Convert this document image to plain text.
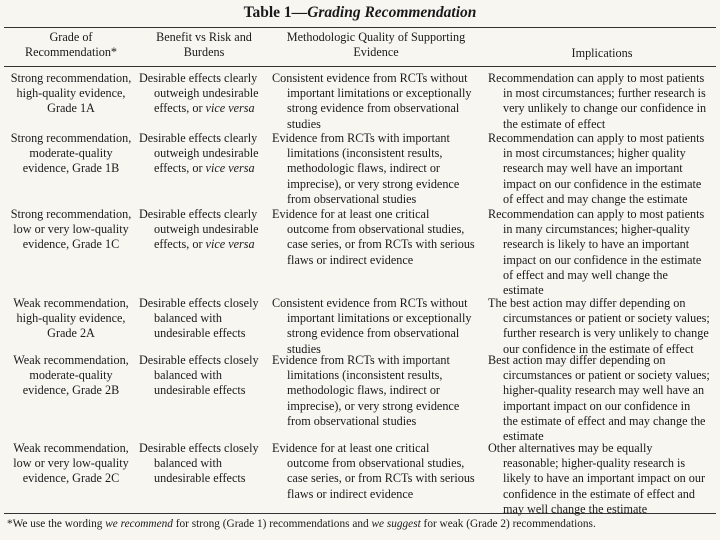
Table 1—Grading Recommendation
Strong recommendation,
high-quality evidence,
Grade 1A
Desirable effects clearly
outweigh undesirable
effects, or vice versa
Consistent evidence from RCTs without
important limitations or exceptionally
strong evidence from observational
studies
Recommendation can apply to most patients
in most circumstances; further research is
very unlikely to change our confidence in
the estimate of effect
Strong recommendation,
moderate-quality
evidence, Grade 1B
Desirable effects clearly
outweigh undesirable
effects, or vice versa
Evidence from RCTs with important
limitations (inconsistent results,
methodologic flaws, indirect or
imprecise), or very strong evidence
from observational studies
Recommendation can apply to most patients
in most circumstances; higher quality
research may well have an important
impact on our confidence in the estimate
of effect and may change the estimate
Strong recommendation,
low or very low-quality
evidence, Grade 1C
Desirable effects clearly
outweigh undesirable
effects, or vice versa
Evidence for at least one critical
outcome from observational studies,
case series, or from RCTs with serious
flaws or indirect evidence
Recommendation can apply to most patients
in many circumstances; higher-quality
research is likely to have an important
impact on our confidence in the estimate
of effect and may well change the
estimate
Weak recommendation,
high-quality evidence,
Grade 2A
Desirable effects closely
balanced with
undesirable effects
Consistent evidence from RCTs without
important limitations or exceptionally
strong evidence from observational
studies
The best action may differ depending on
circumstances or patient or society values;
further research is very unlikely to change
our confidence in the estimate of effect
Weak recommendation,
moderate-quality
evidence, Grade 2B
Desirable effects closely
balanced with
undesirable effects
Evidence from RCTs with important
limitations (inconsistent results,
methodologic flaws, indirect or
imprecise), or very strong evidence
from observational studies
Best action may differ depending on
circumstances or patient or society values;
higher-quality research may well have an
important impact on our confidence in
the estimate of effect and may change the
estimate
Weak recommendation,
low or very low-quality
evidence, Grade 2C
Desirable effects closely
balanced with
undesirable effects
Evidence for at least one critical
outcome from observational studies,
case series, or from RCTs with serious
flaws or indirect evidence
Other alternatives may be equally
reasonable; higher-quality research is
likely to have an important impact on our
confidence in the estimate of effect and
may well change the estimate
*We use the wording we recommend for strong (Grade 1) recommendations and we suggest for weak (Grade 2) recommendations.
Grade of
Recommendation*
Benefit vs Risk and
Burdens
Methodologic Quality of Supporting
Evidence	Implications
